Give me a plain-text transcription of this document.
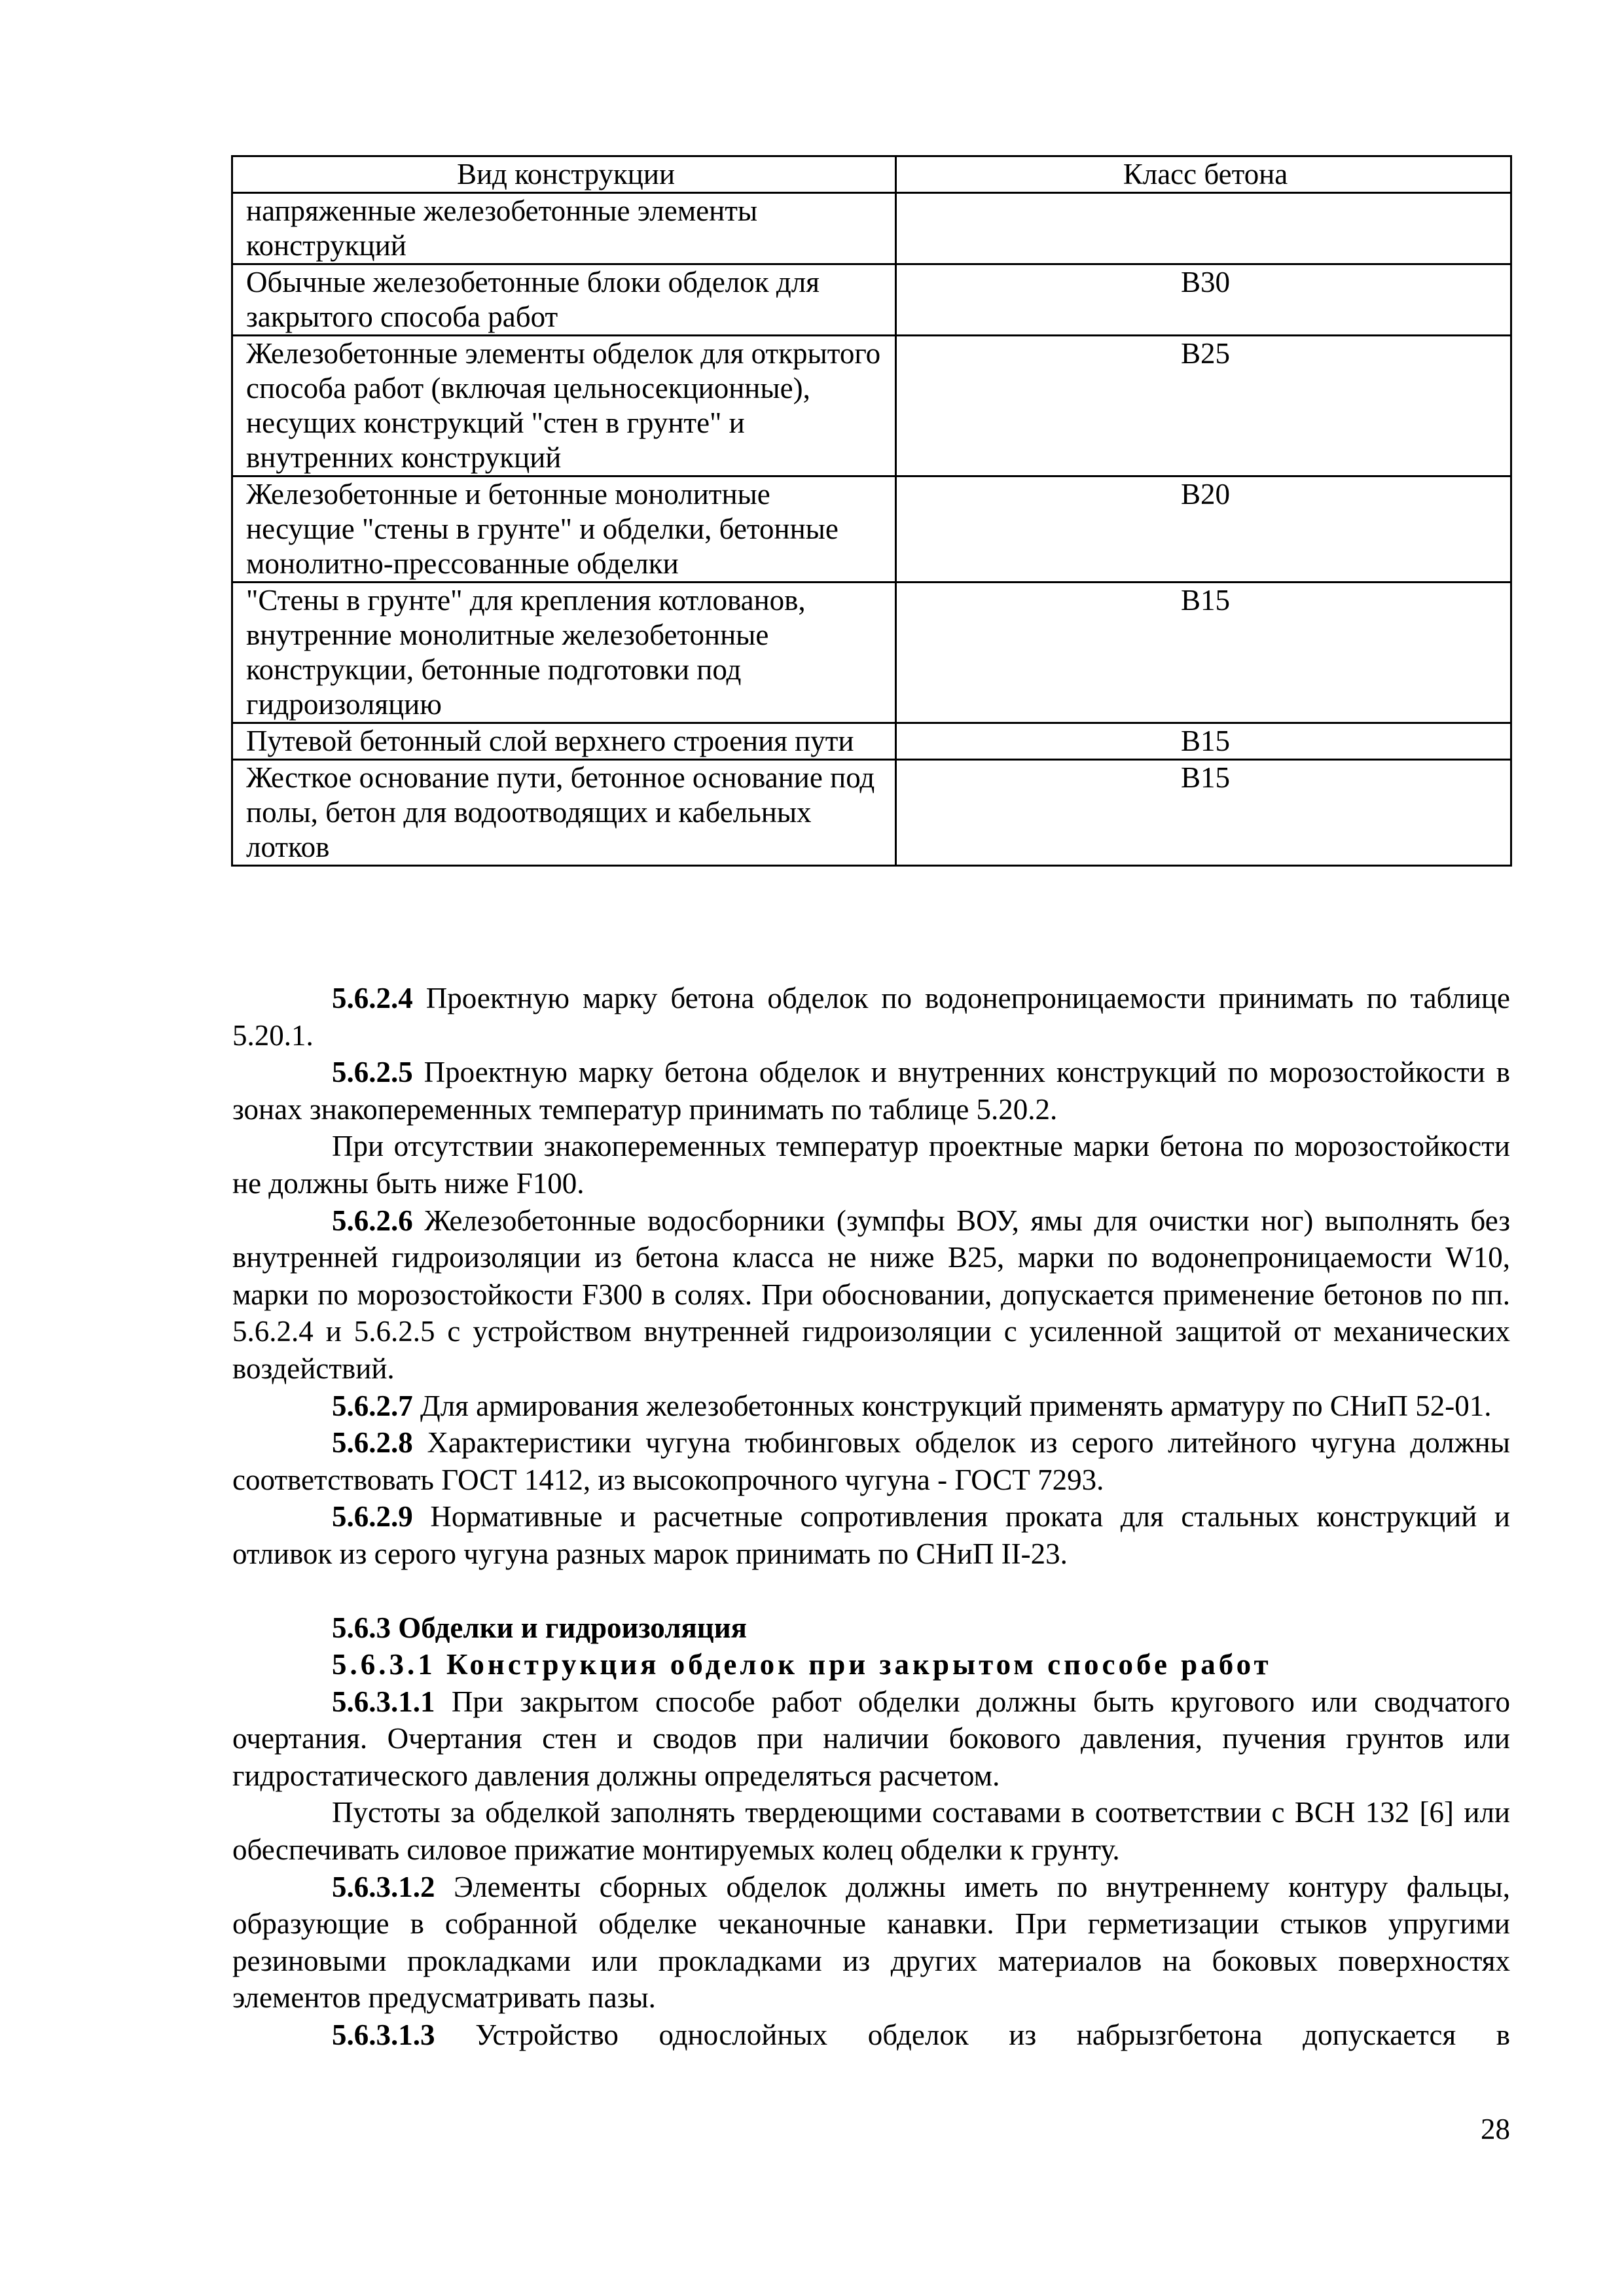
Вид конструкции	Класс бетона
напряженные железобетонные элементы конструкций	
Обычные железобетонные блоки обделок для закрытого способа работ	В30
Железобетонные элементы обделок для открытого способа работ (включая цельносекционные), несущих конструкций "стен в грунте" и внутренних конструкций	В25
Железобетонные и бетонные монолитные несущие "стены в грунте" и обделки, бетонные монолитно-прессованные обделки	В20
"Стены в грунте" для крепления котлованов, внутренние монолитные железобетонные конструкции, бетонные подготовки под гидроизоляцию	В15
Путевой бетонный слой верхнего строения пути	В15
Жесткое основание пути, бетонное основание под полы, бетон для водоотводящих и кабельных лотков	В15

5.6.2.4 Проектную марку бетона обделок по водонепроницаемости принимать по таблице 5.20.1.

5.6.2.5 Проектную марку бетона обделок и внутренних конструкций по морозостойкости в зонах знакопеременных температур принимать по таблице 5.20.2.

При отсутствии знакопеременных температур проектные марки бетона по морозостойкости не должны быть ниже F100.

5.6.2.6 Железобетонные водосборники (зумпфы ВОУ, ямы для очистки ног) выполнять без внутренней гидроизоляции из бетона класса не ниже В25, марки по водонепроницаемости W10, марки по морозостойкости F300 в солях. При обосновании, допускается применение бетонов по пп. 5.6.2.4 и 5.6.2.5 с устройством внутренней гидроизоляции с усиленной защитой от механических воздействий.

5.6.2.7 Для армирования железобетонных конструкций применять арматуру по СНиП 52-01.

5.6.2.8 Характеристики чугуна тюбинговых обделок из серого литейного чугуна должны соответствовать ГОСТ 1412, из высокопрочного чугуна - ГОСТ 7293.

5.6.2.9 Нормативные и расчетные сопротивления проката для стальных конструкций и отливок из серого чугуна разных марок принимать по СНиП II-23.

5.6.3 Обделки и гидроизоляция
5.6.3.1 Конструкция обделок при закрытом способе работ

5.6.3.1.1 При закрытом способе работ обделки должны быть кругового или сводчатого очертания. Очертания стен и сводов при наличии бокового давления, пучения грунтов или гидростатического давления должны определяться расчетом.

Пустоты за обделкой заполнять твердеющими составами в соответствии с ВСН 132 [6] или обеспечивать силовое прижатие монтируемых колец обделки к грунту.

5.6.3.1.2 Элементы сборных обделок должны иметь по внутреннему контуру фальцы, образующие в собранной обделке чеканочные канавки. При герметизации стыков упругими резиновыми прокладками или прокладками из других материалов на боковых поверхностях элементов предусматривать пазы.

5.6.3.1.3 Устройство однослойных обделок из набрызгбетона допускается в

28
